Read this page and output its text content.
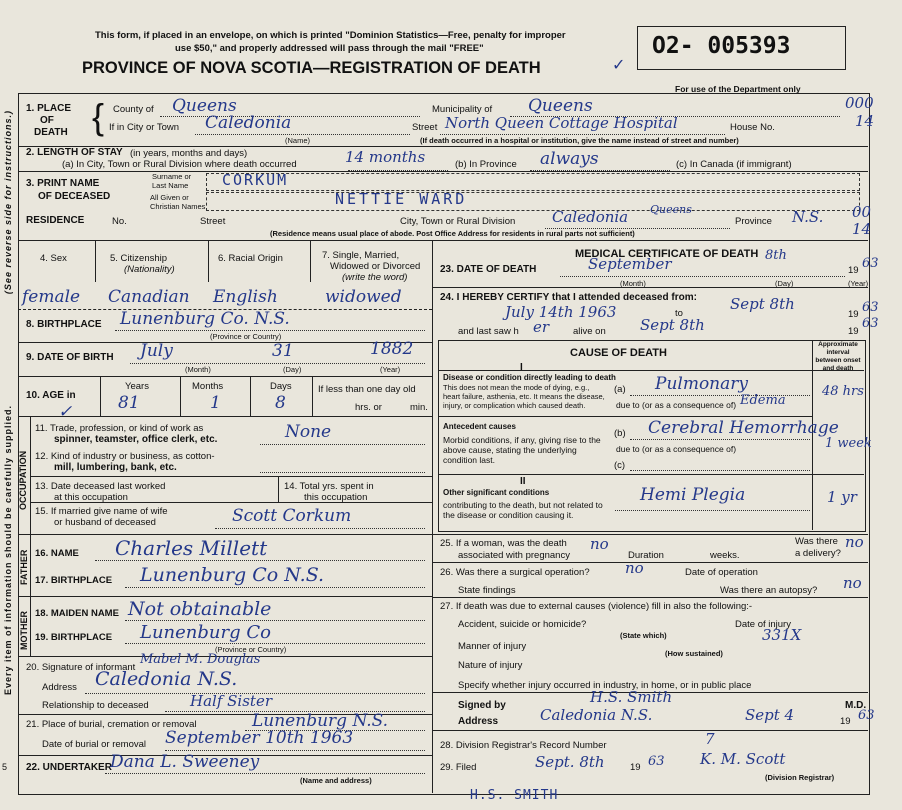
This form, if placed in an envelope, on which is printed "Dominion Statistics—Free, penalty for improper
use $50," and properly addressed will pass through the mail "FREE"	O2- 005393
✓
PROVINCE OF NOVA SCOTIA—REGISTRATION OF DEATH
For use of the Department only
Every item of information should be carefully supplied.
(See reverse side for instructions.)
1. PLACE
OF
DEATH { County of Queens	Municipality of Queens	000
If in City or Town Caledonia
(Name)
Street North Queen Cottage Hospital	House No.	14
(If death occurred in a hospital or institution, give the name instead of street and number)
2. LENGTH OF STAY (in years, months and days)
(a) In City, Town or Rural Division where death occurred	14 months	(b) In Province always	(c) In Canada (if immigrant)
3. PRINT NAME
OF DECEASED
Surname or
Last Name CORKUM
All Given or
Christian Names	NETTIE WARD
RESIDENCE	No.	Street	City, Town or Rural Division Caledonia Queens
Province N.S. 00
14
(Residence means usual place of abode. Post Office Address for residents in rural parts not sufficient)
4. Sex	5. Citizenship
(Nationality)
6. Racial Origin	7. Single, Married,
Widowed or Divorced
(write the word)
female Canadian English	widowed
8. BIRTHPLACE Lunenburg Co. N.S.
(Province or Country)
9. DATE OF BIRTH July	31	1882
(Month)	(Day)	(Year)
10. AGE in
Years	Months	Days
81	1	8
If less than one day old
hrs. or	min.
✓
OCCUPATION
11. Trade, profession, or kind of work as
spinner, teamster, office clerk, etc.	None
12. Kind of industry or business, as cotton-
mill, lumbering, bank, etc.
13. Date deceased last worked
at this occupation
14. Total yrs. spent in
this occupation
15. If married give name of wife
or husband of deceased	Scott Corkum
FATHER 16. NAME Charles Millett
17. BIRTHPLACE Lunenburg Co N.S.
MOTHER 18. MAIDEN NAME Not obtainable
19. BIRTHPLACE Lunenburg Co
(Province or Country)
20. Signature of informant
Mabel M. Douglas
Address Caledonia N.S.
Relationship to deceased	Half Sister
21. Place of burial, cremation or removal	Lunenburg N.S.
Date of burial or removal September 10th 1963
22. UNDERTAKER
Dana L. Sweeney
(Name and address)
5
MEDICAL CERTIFICATE OF DEATH
23. DATE OF DEATH	September	8th
19 63
(Month)	(Day)	(Year)
24. I HEREBY CERTIFY that I attended deceased from:
July 14th 1963	to
Sept 8th
19 63
and last saw h er	alive on Sept 8th	19
63
CAUSE OF DEATH
Approximate interval between onset and death
I
Disease or condition directly leading to death
This does not mean the mode of dying, e.g., heart failure, asthenia, etc. It means the disease, injury, or complication which caused death.
(a) Pulmonary	48 hrs
due to (or as a consequence of) Edema
Antecedent causes
Morbid conditions, if any, giving rise to the above cause, stating the underlying condition last.
(b) Cerebral Hemorrhage
1 week
due to (or as a consequence of)
(c)
II
Other significant conditions
contributing to the death, but not related to the disease or condition causing it.
Hemi Plegia	1 yr
25. If a woman, was the death
associated with pregnancy
no
Duration	weeks.
Was there
a delivery?
no
26. Was there a surgical operation? no	Date of operation
State findings	Was there an autopsy? no
27. If death was due to external causes (violence) fill in also the following:-
Accident, suicide or homicide?
(State which)
Date of injury
331X
Manner of injury
(How sustained)
Nature of injury
Specify whether injury occurred in industry, in home, or in public place
Signed by	H.S. Smith	M.D.
Address	Caledonia N.S.	Sept 4	19 63
28. Division Registrar's Record Number	7
29. Filed	Sept. 8th	19 63 K. M. Scott
(Division Registrar)
H.S. SMITH
